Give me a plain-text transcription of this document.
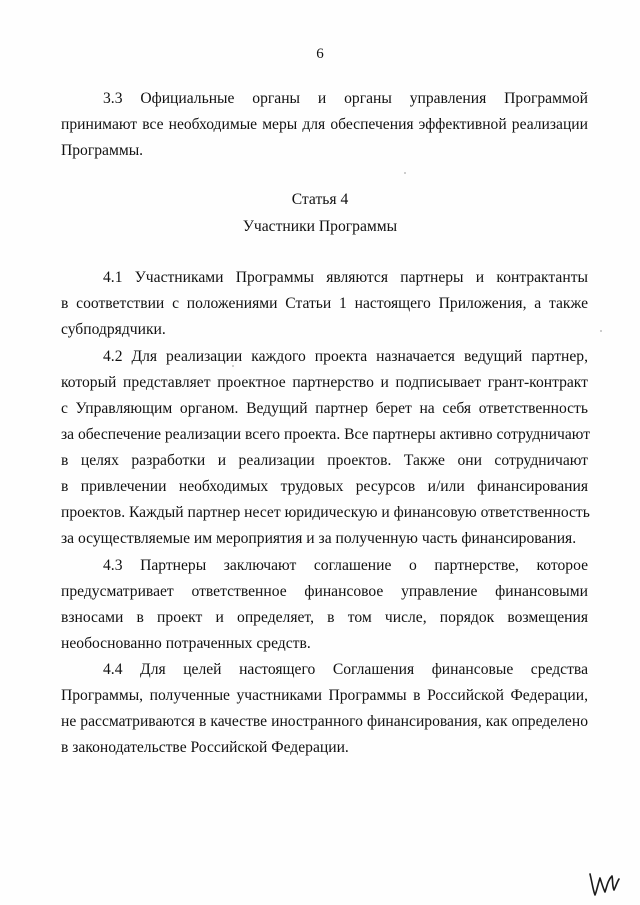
6
3.3 Официальные органы и органы управления Программой
принимают все необходимые меры для обеспечения эффективной реализации
Программы.
Статья 4
Участники Программы
4.1 Участниками Программы являются партнеры и контрактанты
в соответствии с положениями Статьи 1 настоящего Приложения, а также
субподрядчики.
4.2 Для реализации каждого проекта назначается ведущий партнер,
который представляет проектное партнерство и подписывает грант-контракт
с Управляющим органом. Ведущий партнер берет на себя ответственность
за обеспечение реализации всего проекта. Все партнеры активно сотрудничают
в целях разработки и реализации проектов. Также они сотрудничают
в привлечении необходимых трудовых ресурсов и/или финансирования
проектов. Каждый партнер несет юридическую и финансовую ответственность
за осуществляемые им мероприятия и за полученную часть финансирования.
4.3 Партнеры заключают соглашение о партнерстве, которое
предусматривает ответственное финансовое управление финансовыми
взносами в проект и определяет, в том числе, порядок возмещения
необоснованно потраченных средств.
4.4 Для целей настоящего Соглашения финансовые средства
Программы, полученные участниками Программы в Российской Федерации,
не рассматриваются в качестве иностранного финансирования, как определено
в законодательстве Российской Федерации.
